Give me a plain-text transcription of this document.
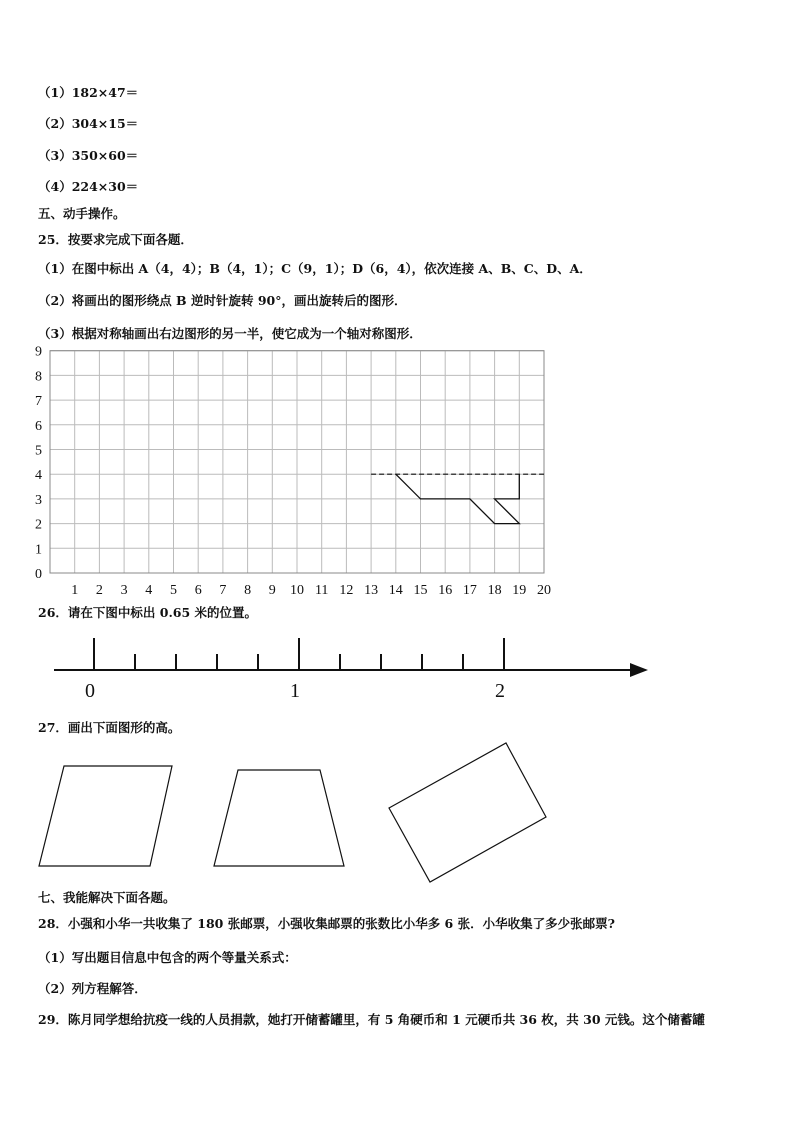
（1）182×47＝
（2）304×15＝
（3）350×60＝
（4）224×30＝
五、动手操作。
25．按要求完成下面各题．
（1）在图中标出 A（4，4）；B（4，1）；C（9，1）；D（6，4），依次连接 A、B、C、D、A．
（2）将画出的图形绕点 B 逆时针旋转 90°，画出旋转后的图形．
（3）根据对称轴画出右边图形的另一半，使它成为一个轴对称图形．
0
1
2
3
4
5
6
7
8
9
1 2 3 4 5 6 7 8 9 10 11 12 13 14 15 16 17 18 19 20
26．请在下图中标出 0.65 米的位置。
0	1	2
27．画出下面图形的高。
七、我能解决下面各题。
28．小强和小华一共收集了 180 张邮票，小强收集邮票的张数比小华多 6 张．小华收集了多少张邮票?
（1）写出题目信息中包含的两个等量关系式：
（2）列方程解答．
29．陈月同学想给抗疫一线的人员捐款，她打开储蓄罐里，有 5 角硬币和 1 元硬币共 36 枚，共 30 元钱。这个储蓄罐
